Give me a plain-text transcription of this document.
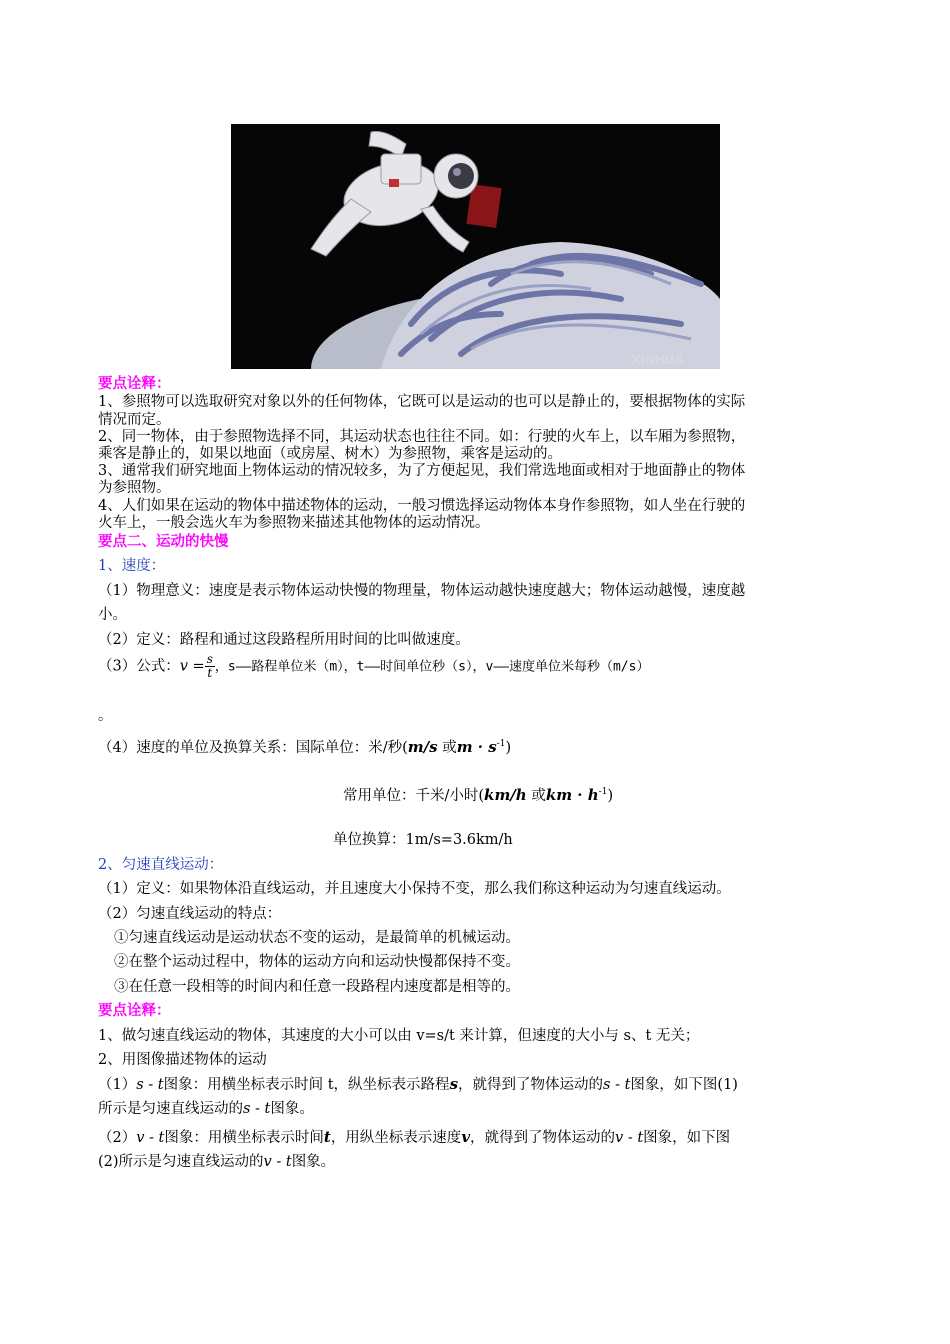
XINHUA
要点诠释：
1、参照物可以选取研究对象以外的任何物体，它既可以是运动的也可以是静止的，要根据物体的实际
情况而定。
2、同一物体，由于参照物选择不同，其运动状态也往往不同。如：行驶的火车上，以车厢为参照物，
乘客是静止的，如果以地面（或房屋、树木）为参照物，乘客是运动的。
3、通常我们研究地面上物体运动的情况较多，为了方便起见，我们常选地面或相对于地面静止的物体
为参照物。
4、人们如果在运动的物体中描述物体的运动，一般习惯选择运动物体本身作参照物，如人坐在行驶的
火车上，一般会选火车为参照物来描述其他物体的运动情况。
要点二、运动的快慢
1、速度：
（1）物理意义：速度是表示物体运动快慢的物理量，物体运动越快速度越大；物体运动越慢，速度越
小。
（2）定义：路程和通过这段路程所用时间的比叫做速度。
（3）公式：$v = \frac{s}{t}$ ，s——路程单位米（m），t——时间单位秒（s），v——速度单位米每秒（m/s）
。
（4）速度的单位及换算关系：国际单位：米/秒(m/s 或$m \cdot s^{-1}$)
常用单位：千米/小时(km/h 或km · $h^{-1}$)
单位换算：1m/s=3.6km/h
2、匀速直线运动：
（1）定义：如果物体沿直线运动，并且速度大小保持不变，那么我们称这种运动为匀速直线运动。
（2）匀速直线运动的特点：
①匀速直线运动是运动状态不变的运动，是最简单的机械运动。
②在整个运动过程中，物体的运动方向和运动快慢都保持不变。
③在任意一段相等的时间内和任意一段路程内速度都是相等的。
要点诠释：
1、做匀速直线运动的物体，其速度的大小可以由 v=s/t 来计算，但速度的大小与 s、t 无关；
2、用图像描述物体的运动
（1）s - t图象：用横坐标表示时间 t，纵坐标表示路程s，就得到了物体运动的s - t图象，如下图(1)
所示是匀速直线运动的s - t图象。
（2）v - t图象：用横坐标表示时间t，用纵坐标表示速度v，就得到了物体运动的v - t图象，如下图
(2)所示是匀速直线运动的v - t图象。
